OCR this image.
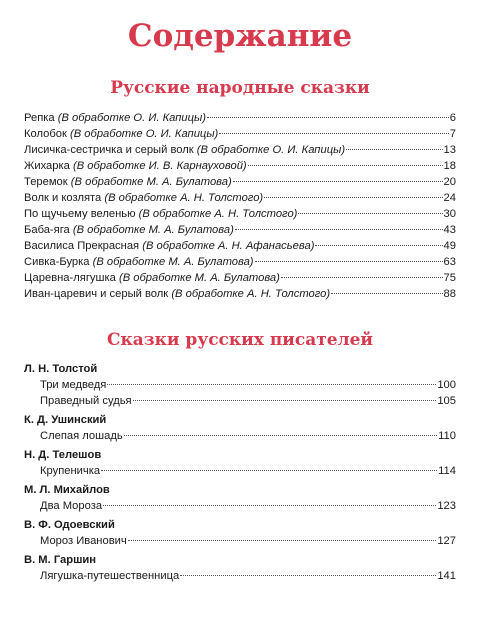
Содержание
Русские народные сказки
Репка (В обработке О. И. Капицы)	6
Колобок (В обработке О. И. Капицы)	7
Лисичка-сестричка и серый волк (В обработке О. И. Капицы)	13
Жихарка (В обработке И. В. Карнауховой)	18
Теремок (В обработке М. А. Булатова)	20
Волк и козлята (В обработке А. Н. Толстого)	24
По щучьему веленью (В обработке А. Н. Толстого)	30
Баба-яга (В обработке М. А. Булатова)	43
Василиса Прекрасная (В обработке А. Н. Афанасьева)	49
Сивка-Бурка (В обработке М. А. Булатова)	63
Царевна-лягушка (В обработке М. А. Булатова)	75
Иван-царевич и серый волк (В обработке А. Н. Толстого)	88
Сказки русских писателей
Л. Н. Толстой
Три медведя	100
Праведный судья	105
К. Д. Ушинский
Слепая лошадь	110
Н. Д. Телешов
Крупеничка	114
М. Л. Михайлов
Два Мороза	123
В. Ф. Одоевский
Мороз Иванович	127
В. М. Гаршин
Лягушка-путешественница	141
